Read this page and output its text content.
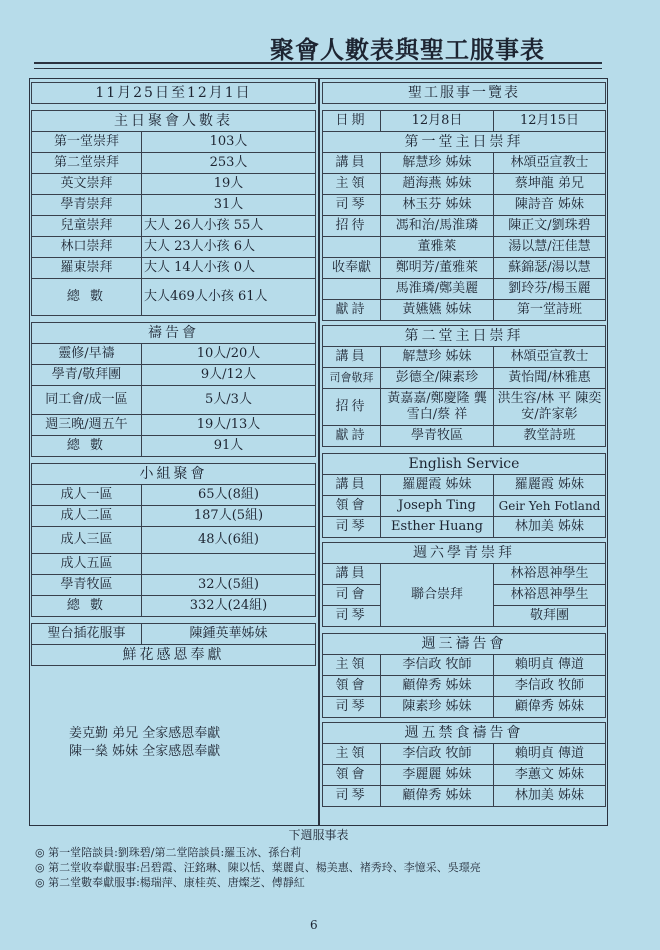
聚會人數表與聖工服事表
11月25日至12月1日
主日聚會人數表	
第一堂崇拜	103人
第二堂崇拜	253人
英文崇拜	19人
學青崇拜	31人
兒童崇拜	大人 26人小孩 55人
林口崇拜	大人 23人小孩 6人
羅東崇拜	大人 14人小孩 0人
總 數	大人469人小孩 61人
禱告會	
靈修/早禱	10人/20人
學青/敬拜團	9人/12人
同工會/成一區	5人/3人
週三晚/週五午	19人/13人
總 數	91人
小組聚會	
成人一區	65人(8組)
成人二區	187人(5組)
成人三區	48人(6組)
成人五區	
學青牧區	32人(5組)
總 數	332人(24組)
聖台插花服事	陳鍾英華姊妹
鮮花感恩奉獻
姜克勤 弟兄 全家感恩奉獻
陳一燊 姊妹 全家感恩奉獻
聖工服事一覽表
日期	12月8日	12月15日
第一堂主日崇拜		
講員	解慧珍 姊妹	林頌亞宣教士
主領	趙海燕 姊妹	蔡坤龍 弟兄
司琴	林玉芬 姊妹	陳詩音 姊妹
招待	馮和治/馬淮璘	陳正文/劉珠碧
	董雅萊	湯以慧/汪佳慧
收奉獻	鄭明芳/董雅萊	蘇錦瑟/湯以慧
	馬淮璘/鄭美麗	劉玲芬/楊玉麗
獻詩	黃嬿嬿 姊妹	第一堂詩班
第二堂主日崇拜		
講員	解慧珍 姊妹	林頌亞宣教士
司會敬拜	彭德全/陳素珍	黃怡聞/林雅惠
招待	黃嘉嘉/鄭慶隆 龔雪白/蔡 祥	洪生容/林 平 陳奕安/許家彰
獻詩	學青牧區	教堂詩班
English Service		
講員	羅麗霞 姊妹	羅麗霞 姊妹
領會	Joseph Ting	Geir Yeh Fotland
司琴	Esther Huang	林加美 姊妹
週六學青崇拜		
講員	聯合崇拜	林裕恩神學生
司會		林裕恩神學生
司琴		敬拜團
週三禱告會		
主領	李信政 牧師	賴明貞 傳道
領會	顧偉秀 姊妹	李信政 牧師
司琴	陳素珍 姊妹	顧偉秀 姊妹
週五禁食禱告會		
主領	李信政 牧師	賴明貞 傳道
領會	李麗麗 姊妹	李蕙文 姊妹
司琴	顧偉秀 姊妹	林加美 姊妹
下週服事表
◎ 第一堂陪談員:劉珠碧/第二堂陪談員:羅玉冰、孫台莉
◎ 第二堂收奉獻服事:呂碧霞、汪銘琳、陳以恬、葉麗貞、楊美惠、褚秀玲、李憶采、吳璟亮
◎ 第二堂數奉獻服事:楊瑞萍、康桂英、唐燦芝、傅靜紅
6
